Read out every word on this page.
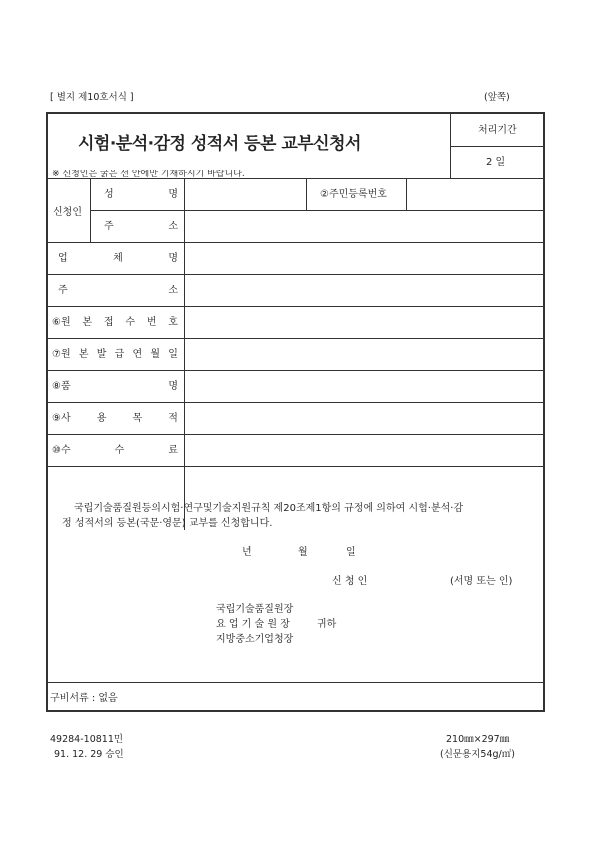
[ 별지 제10호서식 ]	(앞쪽)
시험·분석·감정 성적서 등본 교부신청서
※ 신청인은 굵은 선 안에만 기재하시기 바랍니다.
처리기간
2 일
신청인
성	명	②주민등록번호
주	소
업	체	명
주	소
⑥원 본 접 수 번 호
⑦원 본 발 급 연 월 일
⑧품	명
⑨사	용	목	적
⑩수	수	료
국립기술품질원등의시험·연구및기술지원규칙 제20조제1항의 규정에 의하여 시험·분석·감
정 성적서의 등본(국문·영문) 교부를 신청합니다.
년	월	일
신 청 인	(서명 또는 인)
국립기술품질원장
요 업 기 술 원 장	귀하
지방중소기업청장
구비서류 : 없음
49284-10811민
91. 12. 29 승인
210㎜×297㎜
(신문용지54g/㎡)
